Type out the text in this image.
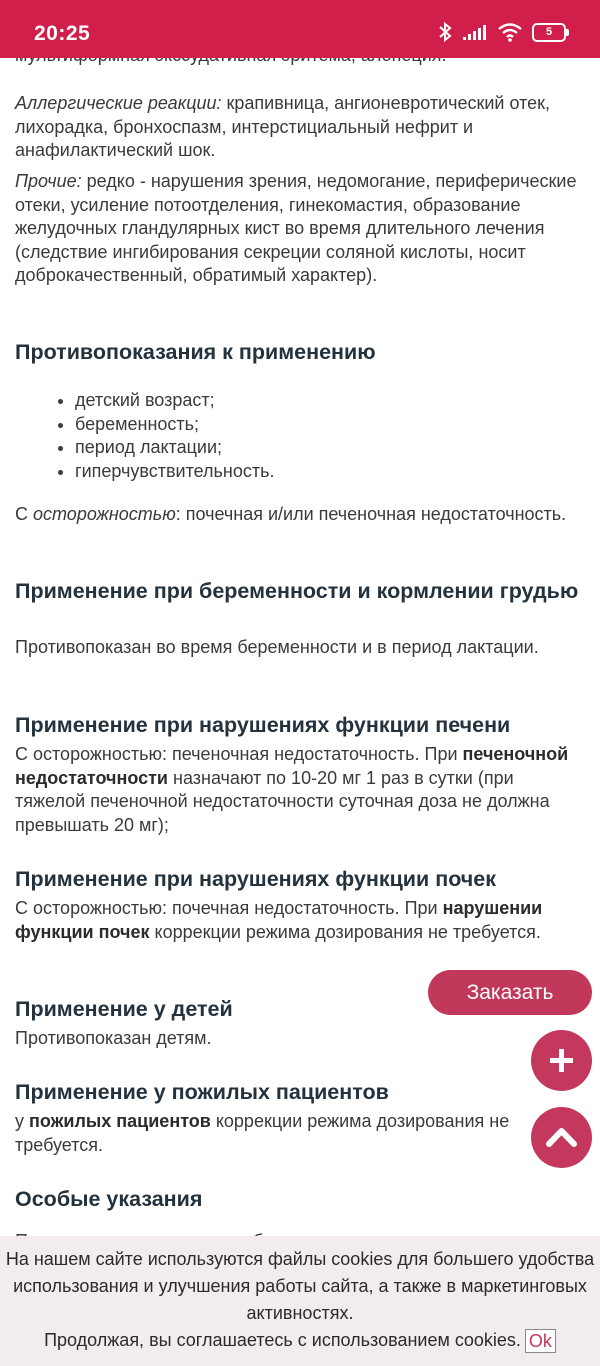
20:25	5

Аллергические реакции: крапивница, ангионевротический отек, лихорадка, бронхоспазм, интерстициальный нефрит и анафилактический шок.

Прочие: редко - нарушения зрения, недомогание, периферические отеки, усиление потоотделения, гинекомастия, образование желудочных гландулярных кист во время длительного лечения (следствие ингибирования секреции соляной кислоты, носит доброкачественный, обратимый характер).

Противопоказания к применению
• детский возраст;
• беременность;
• период лактации;
• гиперчувствительность.

С осторожностью: почечная и/или печеночная недостаточность.

Применение при беременности и кормлении грудью

Противопоказан во время беременности и в период лактации.

Применение при нарушениях функции печени

С осторожностью: печеночная недостаточность. При печеночной недостаточности назначают по 10-20 мг 1 раз в сутки (при тяжелой печеночной недостаточности суточная доза не должна превышать 20 мг);

Применение при нарушениях функции почек

С осторожностью: почечная недостаточность. При нарушении функции почек коррекции режима дозирования не требуется.

Применение у детей

Противопоказан детям.

Применение у пожилых пациентов

у пожилых пациентов коррекции режима дозирования не требуется.

Особые указания

Заказать

На нашем сайте используются файлы cookies для большего удобства использования и улучшения работы сайта, а также в маркетинговых активностях.

Продолжая, вы соглашаетесь с использованием cookies. Ok
